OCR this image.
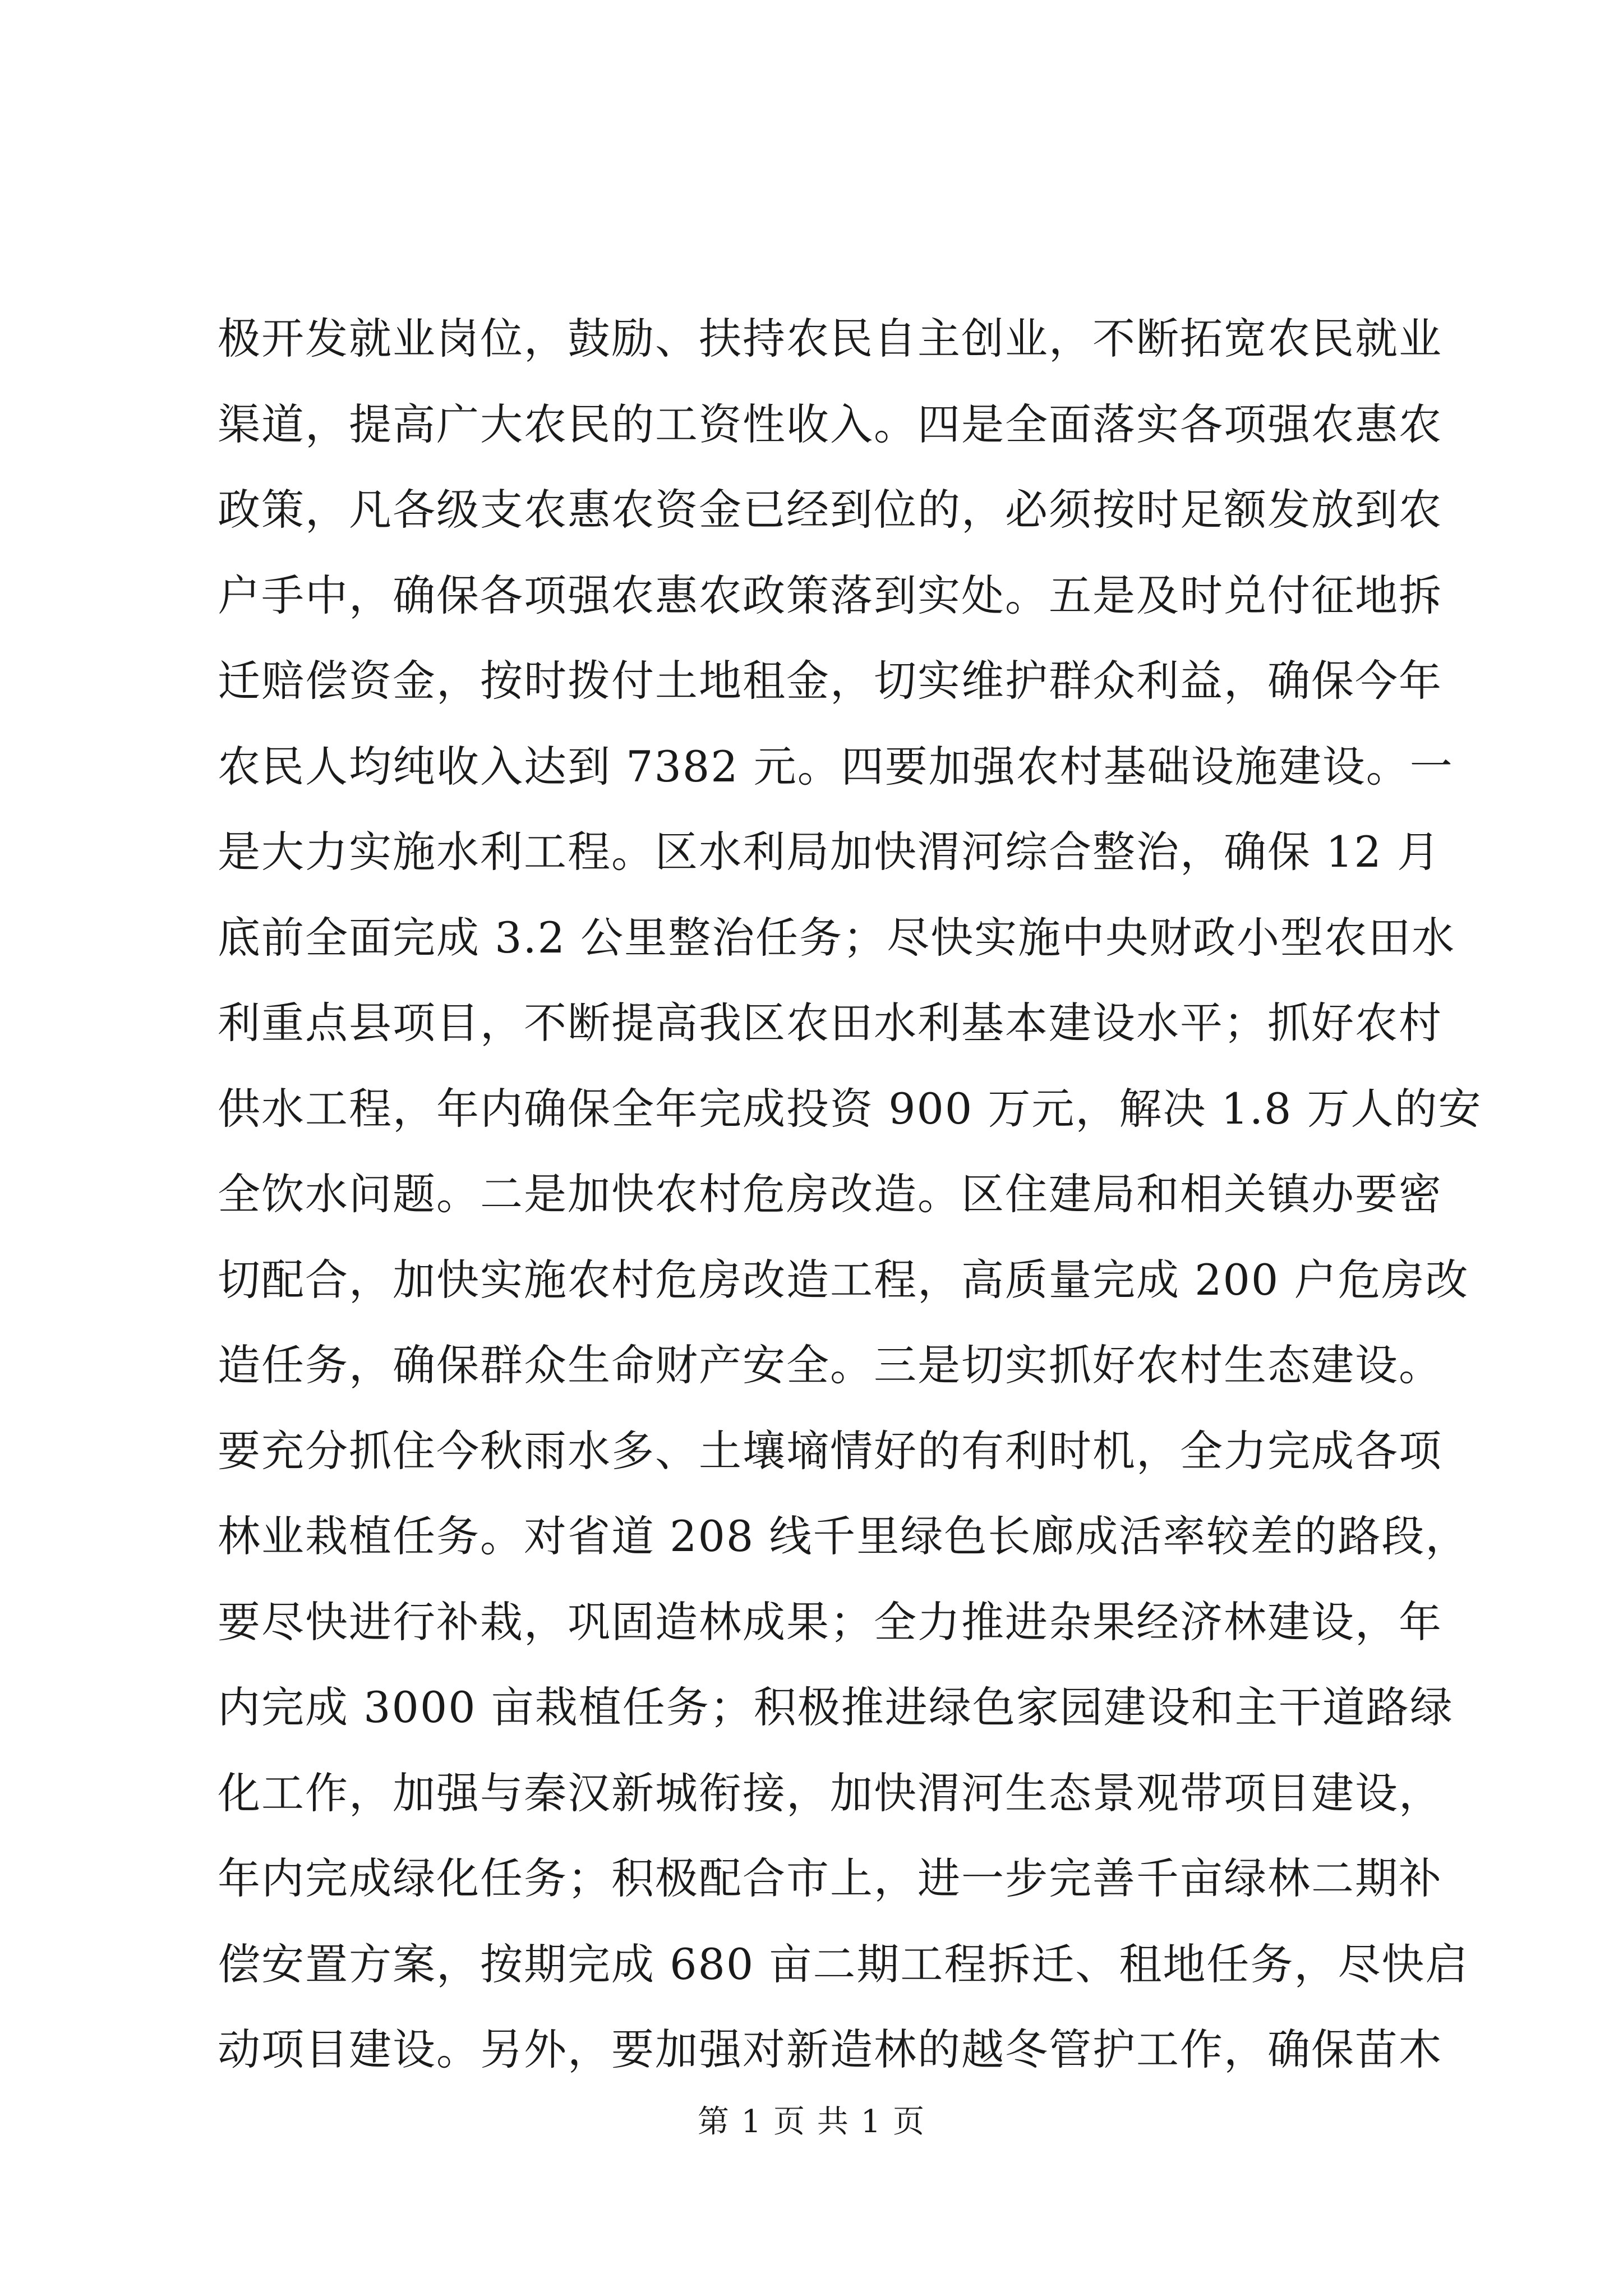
极开发就业岗位，鼓励、扶持农民自主创业，不断拓宽农民就业
渠道，提高广大农民的工资性收入。四是全面落实各项强农惠农
政策，凡各级支农惠农资金已经到位的，必须按时足额发放到农
户手中，确保各项强农惠农政策落到实处。五是及时兑付征地拆
迁赔偿资金，按时拨付土地租金，切实维护群众利益，确保今年
农民人均纯收入达到 7382 元。四要加强农村基础设施建设。一
是大力实施水利工程。区水利局加快渭河综合整治，确保 12 月
底前全面完成 3.2 公里整治任务；尽快实施中央财政小型农田水
利重点县项目，不断提高我区农田水利基本建设水平；抓好农村
供水工程，年内确保全年完成投资 900 万元，解决 1.8 万人的安
全饮水问题。二是加快农村危房改造。区住建局和相关镇办要密
切配合，加快实施农村危房改造工程，高质量完成 200 户危房改
造任务，确保群众生命财产安全。三是切实抓好农村生态建设。
要充分抓住今秋雨水多、土壤墒情好的有利时机，全力完成各项
林业栽植任务。对省道 208 线千里绿色长廊成活率较差的路段，
要尽快进行补栽，巩固造林成果；全力推进杂果经济林建设，年
内完成 3000 亩栽植任务；积极推进绿色家园建设和主干道路绿
化工作，加强与秦汉新城衔接，加快渭河生态景观带项目建设，
年内完成绿化任务；积极配合市上，进一步完善千亩绿林二期补
偿安置方案，按期完成 680 亩二期工程拆迁、租地任务，尽快启
动项目建设。另外，要加强对新造林的越冬管护工作，确保苗木
第 1 页 共 1 页
